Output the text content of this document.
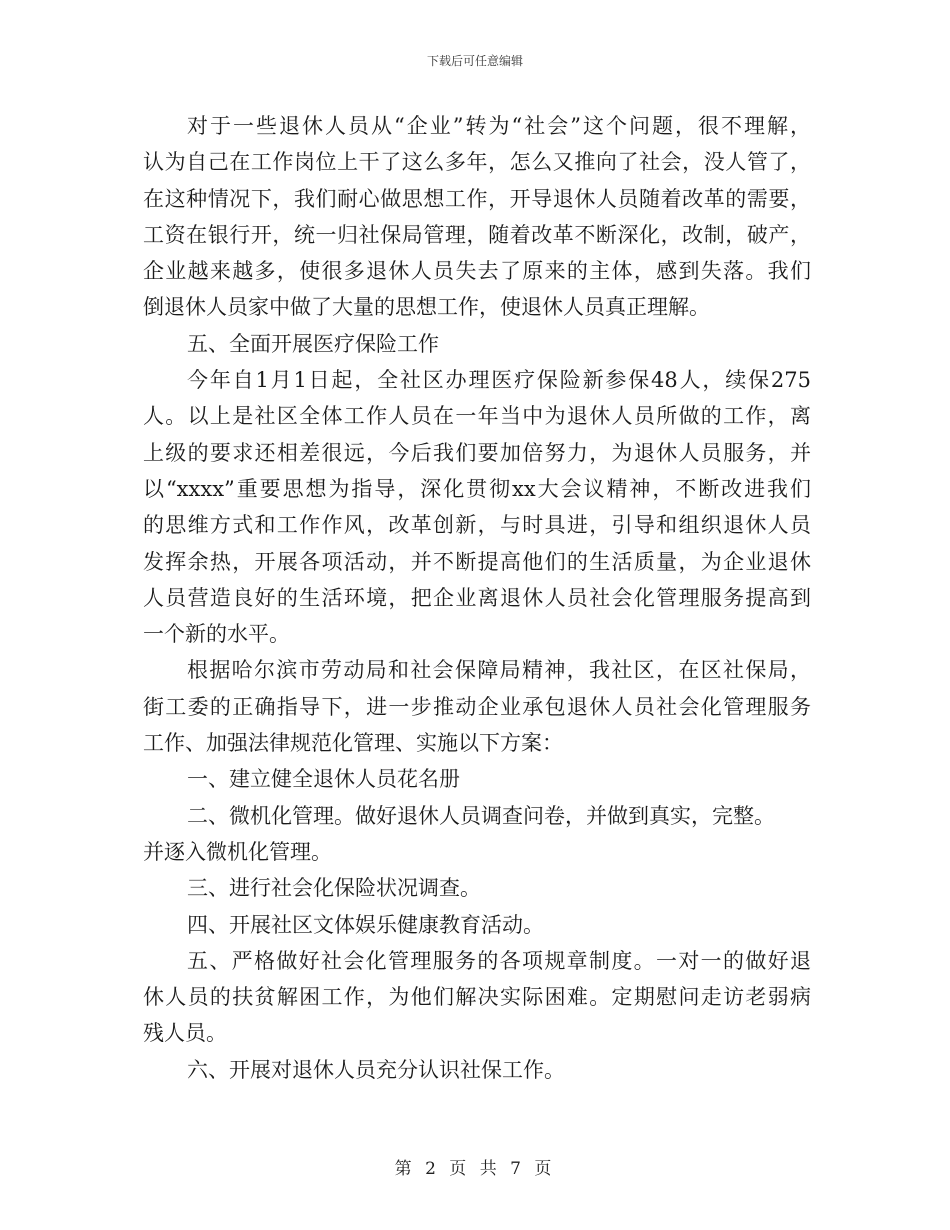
下载后可任意编辑
对于一些退休人员从“企业”转为“社会”这个问题，很不理解，
认为自己在工作岗位上干了这么多年，怎么又推向了社会，没人管了，
在这种情况下，我们耐心做思想工作，开导退休人员随着改革的需要，
工资在银行开，统一归社保局管理，随着改革不断深化，改制，破产，
企业越来越多，使很多退休人员失去了原来的主体，感到失落。我们
倒退休人员家中做了大量的思想工作，使退休人员真正理解。
五、全面开展医疗保险工作
今年自1月1日起，全社区办理医疗保险新参保48人，续保275
人。以上是社区全体工作人员在一年当中为退休人员所做的工作，离
上级的要求还相差很远，今后我们要加倍努力，为退休人员服务，并
以“xxxx”重要思想为指导，深化贯彻xx大会议精神，不断改进我们
的思维方式和工作作风，改革创新，与时具进，引导和组织退休人员
发挥余热，开展各项活动，并不断提高他们的生活质量，为企业退休
人员营造良好的生活环境，把企业离退休人员社会化管理服务提高到
一个新的水平。
根据哈尔滨市劳动局和社会保障局精神，我社区，在区社保局，
街工委的正确指导下，进一步推动企业承包退休人员社会化管理服务
工作、加强法律规范化管理、实施以下方案：
一、建立健全退休人员花名册
二、微机化管理。做好退休人员调查问卷，并做到真实，完整。
并逐入微机化管理。
三、进行社会化保险状况调查。
四、开展社区文体娱乐健康教育活动。
五、严格做好社会化管理服务的各项规章制度。一对一的做好退
休人员的扶贫解困工作，为他们解决实际困难。定期慰问走访老弱病
残人员。
六、开展对退休人员充分认识社保工作。
第 2 页 共 7 页
